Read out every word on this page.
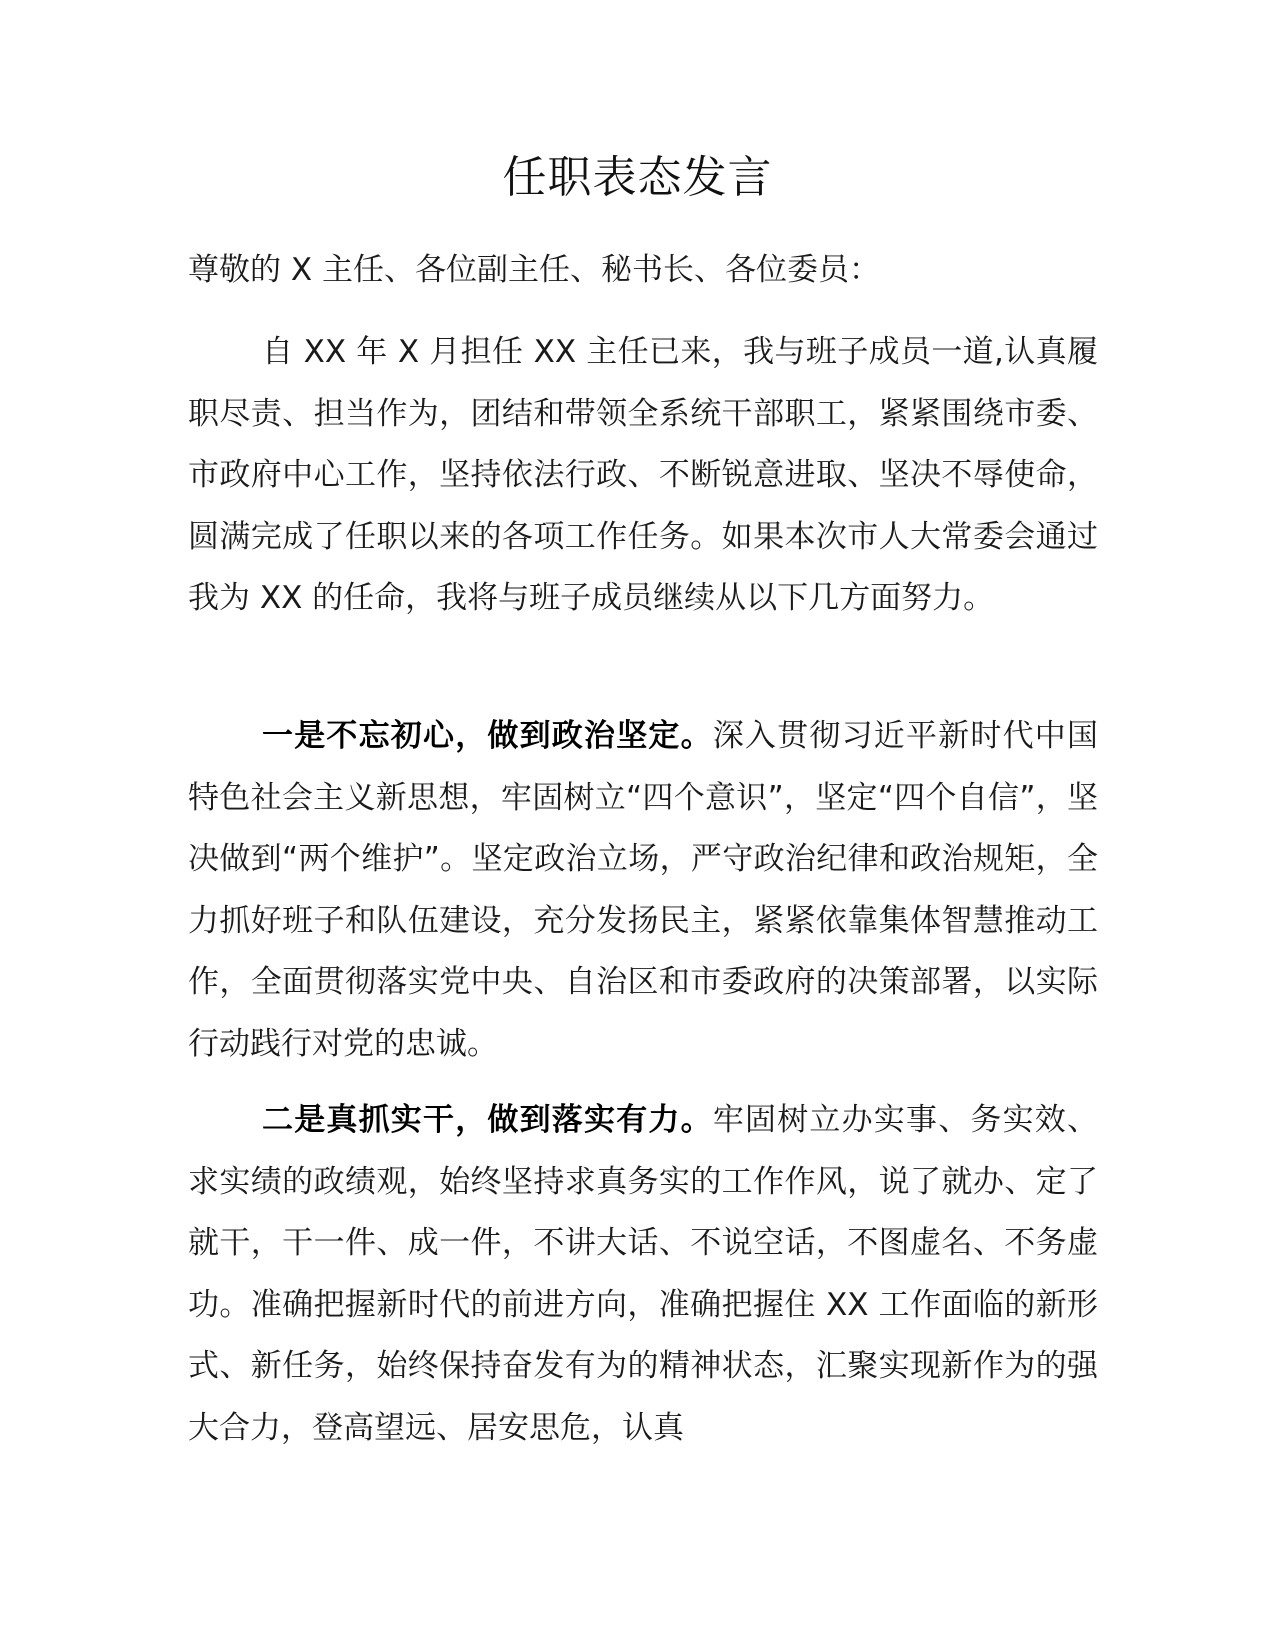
任职表态发言
尊敬的 X 主任、各位副主任、秘书长、各位委员：

自 XX 年 X 月担任 XX 主任已来，我与班子成员一道,认真履职尽责、担当作为，团结和带领全系统干部职工，紧紧围绕市委、市政府中心工作，坚持依法行政、不断锐意进取、坚决不辱使命，圆满完成了任职以来的各项工作任务。如果本次市人大常委会通过我为 XX 的任命，我将与班子成员继续从以下几方面努力。

一是不忘初心，做到政治坚定。深入贯彻习近平新时代中国特色社会主义新思想，牢固树立“四个意识”，坚定“四个自信”，坚决做到“两个维护”。坚定政治立场，严守政治纪律和政治规矩，全力抓好班子和队伍建设，充分发扬民主，紧紧依靠集体智慧推动工作，全面贯彻落实党中央、自治区和市委政府的决策部署，以实际行动践行对党的忠诚。

二是真抓实干，做到落实有力。牢固树立办实事、务实效、求实绩的政绩观，始终坚持求真务实的工作作风，说了就办、定了就干，干一件、成一件，不讲大话、不说空话，不图虚名、不务虚功。准确把握新时代的前进方向，准确把握住 XX 工作面临的新形式、新任务，始终保持奋发有为的精神状态，汇聚实现新作为的强大合力，登高望远、居安思危，认真
